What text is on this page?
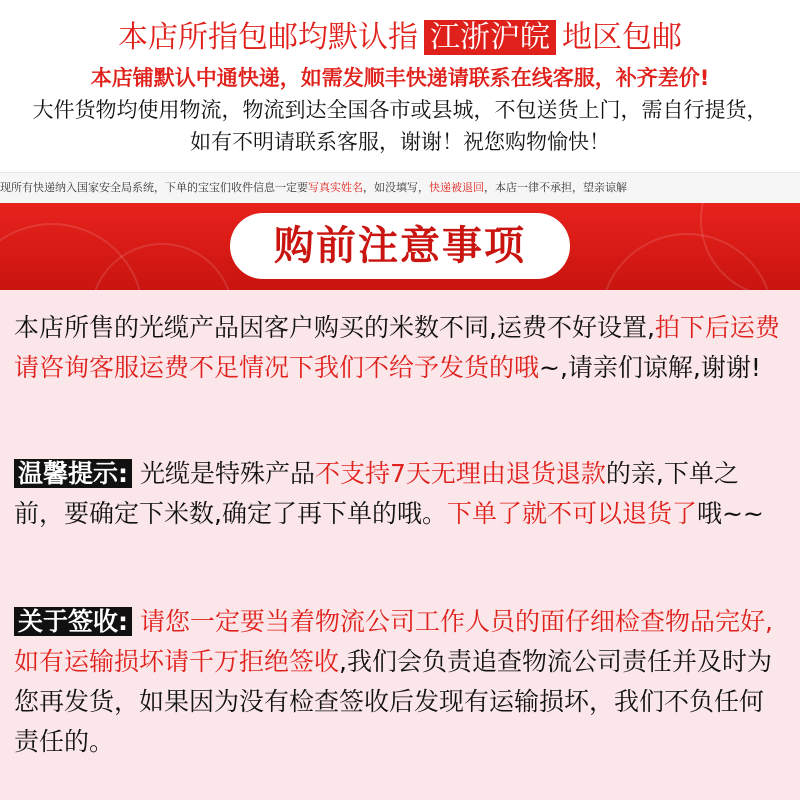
本店所指包邮均默认指 江浙沪皖 地区包邮
本店铺默认中通快递，如需发顺丰快递请联系在线客服，补齐差价!
大件货物均使用物流，物流到达全国各市或县城，不包送货上门，需自行提货，
如有不明请联系客服，谢谢！祝您购物愉快！
现所有快递纳入国家安全局系统，下单的宝宝们收件信息一定要写真实姓名，如没填写，快递被退回，本店一律不承担，望亲谅解
购前注意事项
本店所售的光缆产品因客户购买的米数不同,运费不好设置,拍下后运费请咨询客服运费不足情况下我们不给予发货的哦~,请亲们谅解,谢谢!
温馨提示: 光缆是特殊产品不支持7天无理由退货退款的亲,下单之前，要确定下米数,确定了再下单的哦。下单了就不可以退货了哦~~
关于签收: 请您一定要当着物流公司工作人员的面仔细检查物品完好,如有运输损坏请千万拒绝签收,我们会负责追查物流公司责任并及时为您再发货，如果因为没有检查签收后发现有运输损坏，我们不负任何责任的。
